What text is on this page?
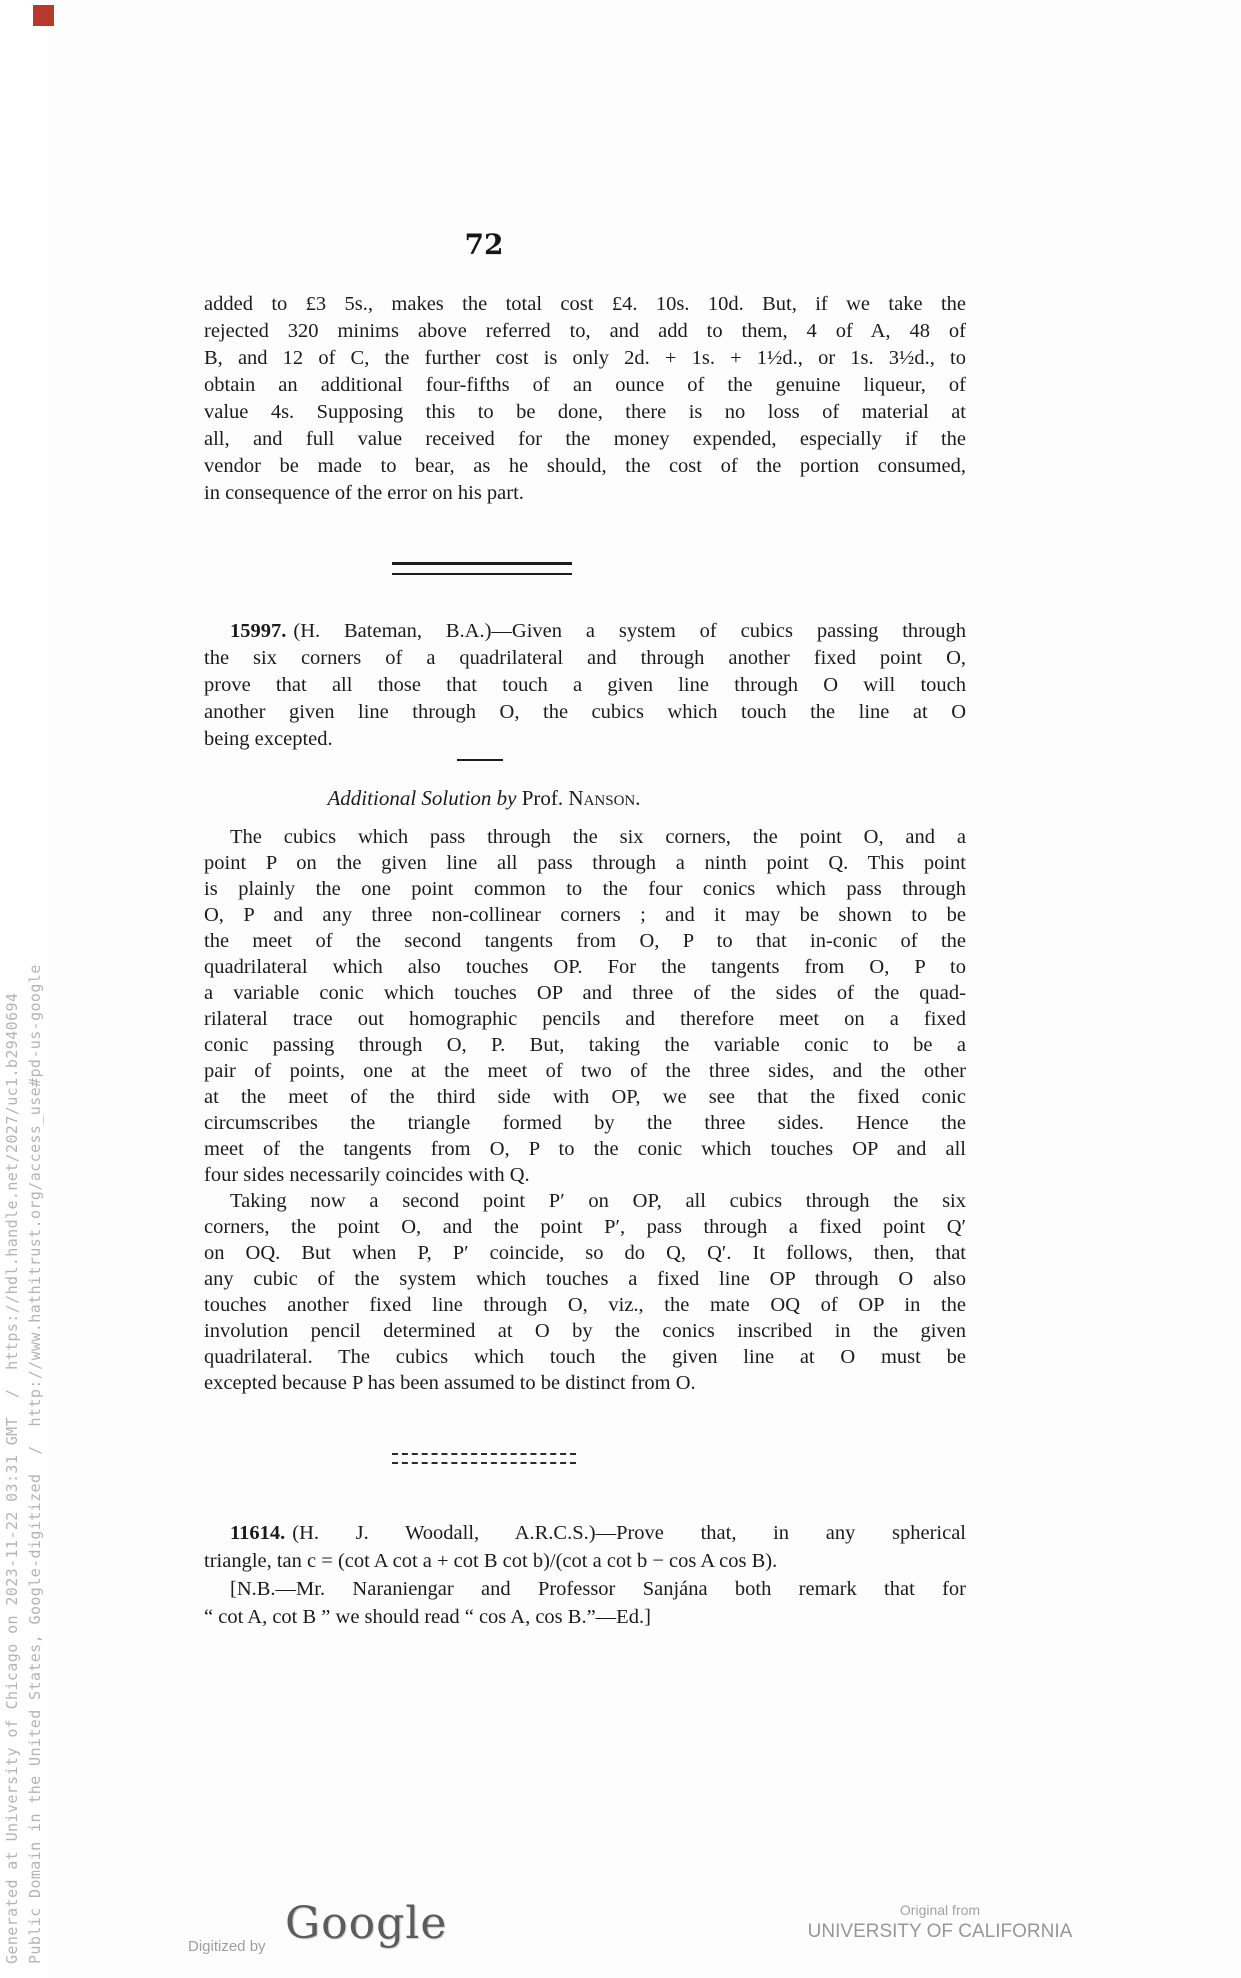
Generated at University of Chicago on 2023-11-22 03:31 GMT  /  https://hdl.handle.net/2027/uc1.b2940694 Public Domain in the United States, Google-digitized  /  http://www.hathitrust.org/access_use#pd-us-google
72
added to £3 5s., makes the total cost £4. 10s. 10d. But, if we take the
rejected 320 minims above referred to, and add to them, 4 of A, 48 of
B, and 12 of C, the further cost is only 2d. + 1s. + 1½d., or 1s. 3½d., to
obtain an additional four-fifths of an ounce of the genuine liqueur, of
value 4s. Supposing this to be done, there is no loss of material at
all, and full value received for the money expended, especially if the
vendor be made to bear, as he should, the cost of the portion consumed,
in consequence of the error on his part.
15997. (H. Bateman, B.A.)—Given a system of cubics passing through
the six corners of a quadrilateral and through another fixed point O,
prove that all those that touch a given line through O will touch
another given line through O, the cubics which touch the line at O
being excepted.
Additional Solution by Prof. Nanson.
The cubics which pass through the six corners, the point O, and a
point P on the given line all pass through a ninth point Q. This point
is plainly the one point common to the four conics which pass through
O, P and any three non-collinear corners ; and it may be shown to be
the meet of the second tangents from O, P to that in-conic of the
quadrilateral which also touches OP. For the tangents from O, P to
a variable conic which touches OP and three of the sides of the quad-
rilateral trace out homographic pencils and therefore meet on a fixed
conic passing through O, P. But, taking the variable conic to be a
pair of points, one at the meet of two of the three sides, and the other
at the meet of the third side with OP, we see that the fixed conic
circumscribes the triangle formed by the three sides. Hence the
meet of the tangents from O, P to the conic which touches OP and all
four sides necessarily coincides with Q.
Taking now a second point P′ on OP, all cubics through the six
corners, the point O, and the point P′, pass through a fixed point Q′
on OQ. But when P, P′ coincide, so do Q, Q′. It follows, then, that
any cubic of the system which touches a fixed line OP through O also
touches another fixed line through O, viz., the mate OQ of OP in the
involution pencil determined at O by the conics inscribed in the given
quadrilateral. The cubics which touch the given line at O must be
excepted because P has been assumed to be distinct from O.
11614. (H. J. Woodall, A.R.C.S.)—Prove that, in any spherical
triangle, tan c = (cot A cot a + cot B cot b)/(cot a cot b − cos A cos B).
[N.B.—Mr. Naraniengar and Professor Sanjána both remark that for
“ cot A, cot B ” we should read “ cos A, cos B.”—Ed.]
Digitized by Google	Original from
UNIVERSITY OF CALIFORNIA
